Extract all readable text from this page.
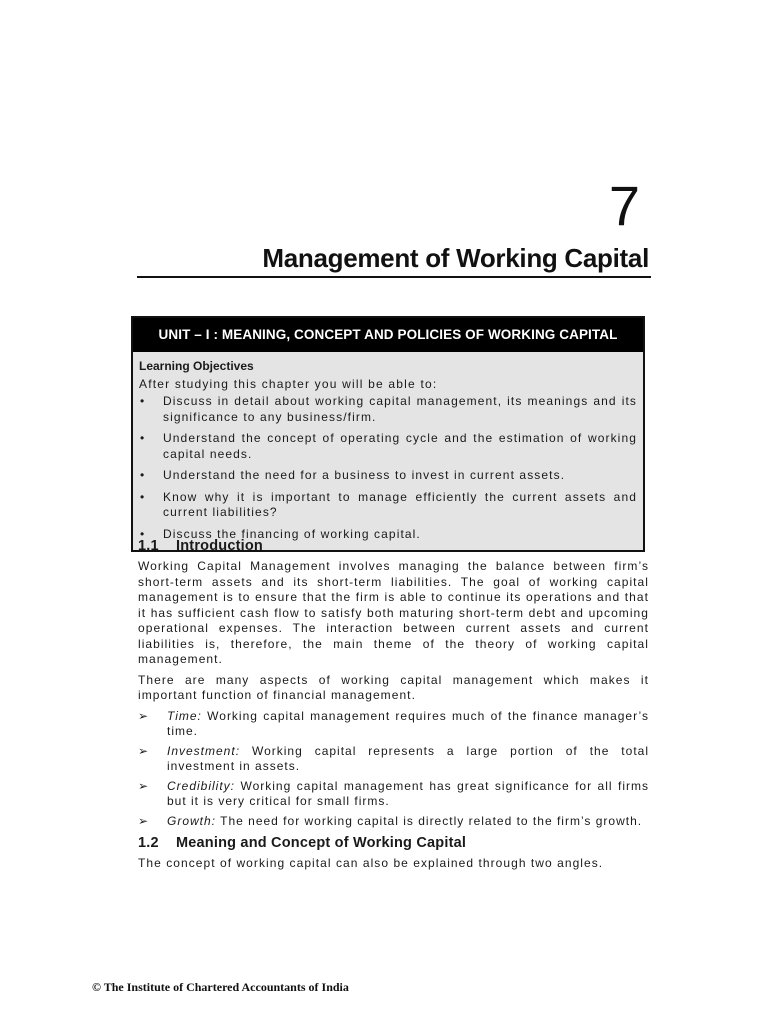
7
Management of Working Capital
UNIT – I : MEANING, CONCEPT AND POLICIES OF WORKING CAPITAL
Learning Objectives
After studying this chapter you will be able to:
• Discuss in detail about working capital management, its meanings and its significance to any business/firm.
• Understand the concept of operating cycle and the estimation of working capital needs.
• Understand the need for a business to invest in current assets.
• Know why it is important to manage efficiently the current assets and current liabilities?
• Discuss the financing of working capital.
1.1 Introduction

Working Capital Management involves managing the balance between firm’s short-term assets and its short-term liabilities. The goal of working capital management is to ensure that the firm is able to continue its operations and that it has sufficient cash flow to satisfy both maturing short-term debt and upcoming operational expenses. The interaction between current assets and current liabilities is, therefore, the main theme of the theory of working capital management.

There are many aspects of working capital management which makes it important function of financial management.

➢ Time: Working capital management requires much of the finance manager’s time.
➢ Investment: Working capital represents a large portion of the total investment in assets.
➢ Credibility: Working capital management has great significance for all firms but it is very critical for small firms.
➢ Growth: The need for working capital is directly related to the firm’s growth.
1.2 Meaning and Concept of Working Capital

The concept of working capital can also be explained through two angles.

© The Institute of Chartered Accountants of India
